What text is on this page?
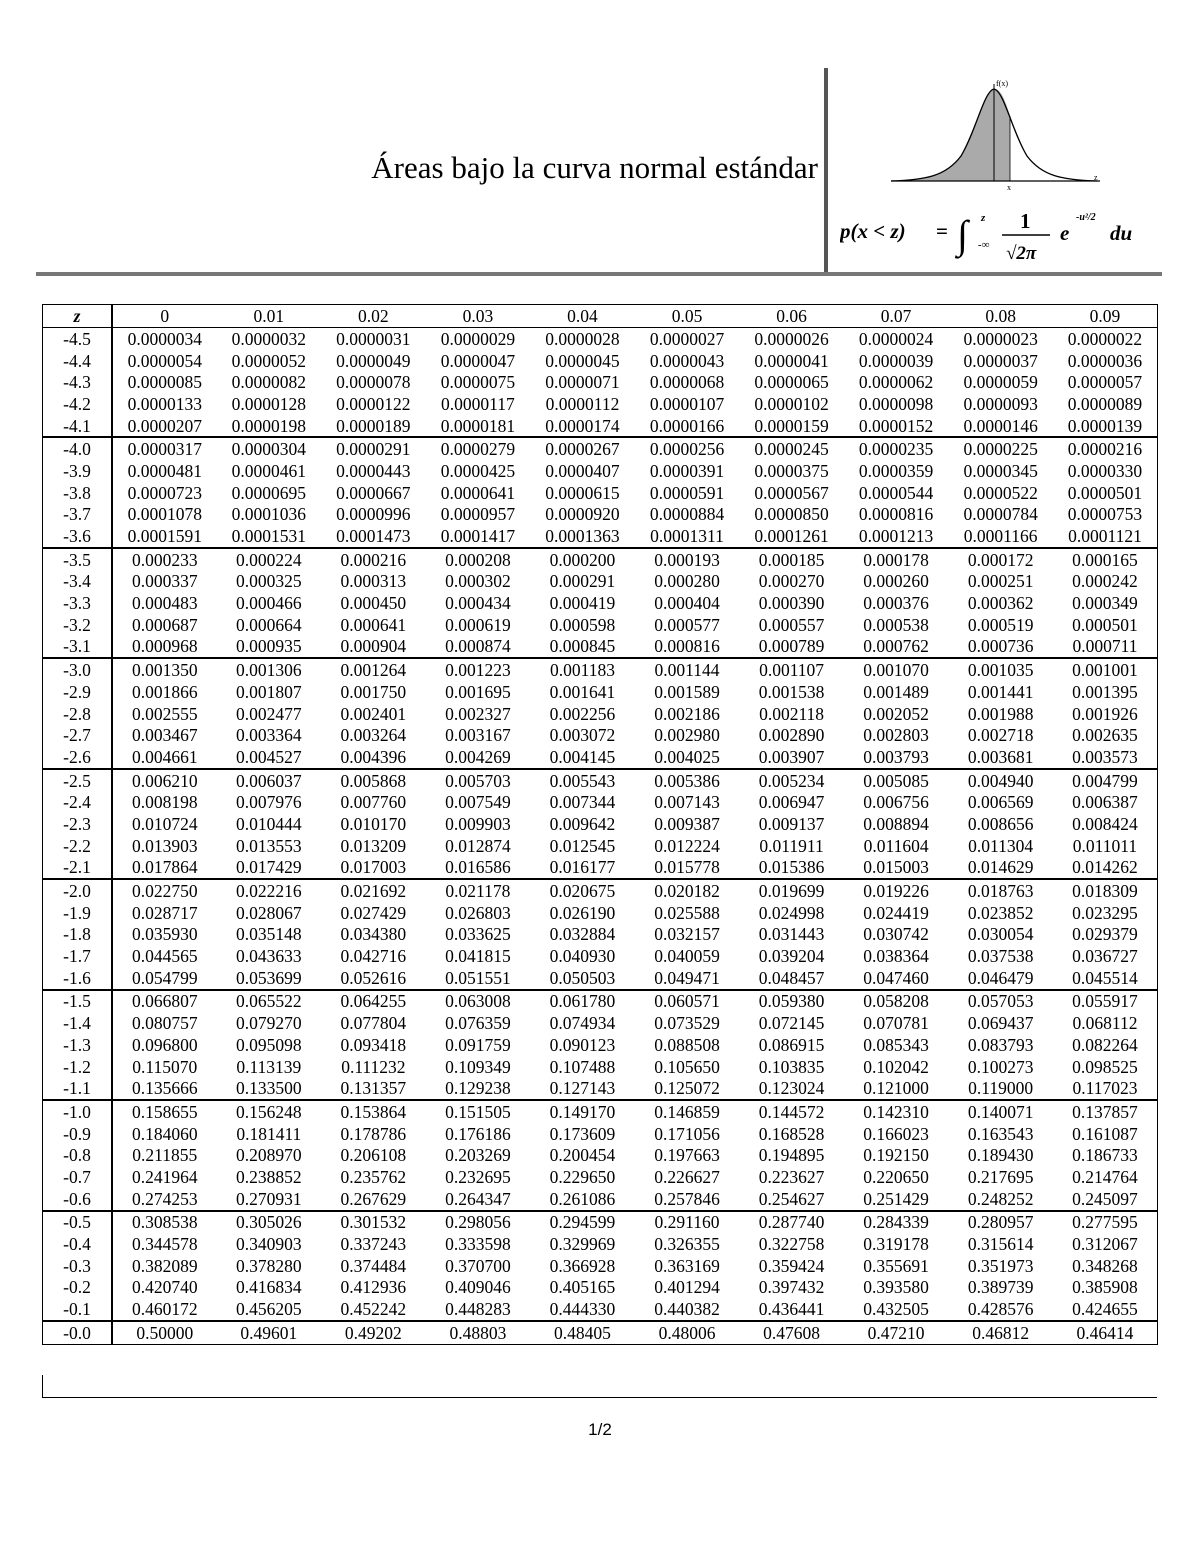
Áreas bajo la curva normal estándar
f(x)
x
z
p(x < z) = ∫ z
-∞
1
√2π
e
-u²/2
du
z	0	0.01	0.02	0.03	0.04	0.05	0.06	0.07	0.08	0.09
-4.5	0.0000034	0.0000032	0.0000031	0.0000029	0.0000028	0.0000027	0.0000026	0.0000024	0.0000023	0.0000022
-4.4	0.0000054	0.0000052	0.0000049	0.0000047	0.0000045	0.0000043	0.0000041	0.0000039	0.0000037	0.0000036
-4.3	0.0000085	0.0000082	0.0000078	0.0000075	0.0000071	0.0000068	0.0000065	0.0000062	0.0000059	0.0000057
-4.2	0.0000133	0.0000128	0.0000122	0.0000117	0.0000112	0.0000107	0.0000102	0.0000098	0.0000093	0.0000089
-4.1	0.0000207	0.0000198	0.0000189	0.0000181	0.0000174	0.0000166	0.0000159	0.0000152	0.0000146	0.0000139
-4.0	0.0000317	0.0000304	0.0000291	0.0000279	0.0000267	0.0000256	0.0000245	0.0000235	0.0000225	0.0000216
-3.9	0.0000481	0.0000461	0.0000443	0.0000425	0.0000407	0.0000391	0.0000375	0.0000359	0.0000345	0.0000330
-3.8	0.0000723	0.0000695	0.0000667	0.0000641	0.0000615	0.0000591	0.0000567	0.0000544	0.0000522	0.0000501
-3.7	0.0001078	0.0001036	0.0000996	0.0000957	0.0000920	0.0000884	0.0000850	0.0000816	0.0000784	0.0000753
-3.6	0.0001591	0.0001531	0.0001473	0.0001417	0.0001363	0.0001311	0.0001261	0.0001213	0.0001166	0.0001121
-3.5	0.000233	0.000224	0.000216	0.000208	0.000200	0.000193	0.000185	0.000178	0.000172	0.000165
-3.4	0.000337	0.000325	0.000313	0.000302	0.000291	0.000280	0.000270	0.000260	0.000251	0.000242
-3.3	0.000483	0.000466	0.000450	0.000434	0.000419	0.000404	0.000390	0.000376	0.000362	0.000349
-3.2	0.000687	0.000664	0.000641	0.000619	0.000598	0.000577	0.000557	0.000538	0.000519	0.000501
-3.1	0.000968	0.000935	0.000904	0.000874	0.000845	0.000816	0.000789	0.000762	0.000736	0.000711
-3.0	0.001350	0.001306	0.001264	0.001223	0.001183	0.001144	0.001107	0.001070	0.001035	0.001001
-2.9	0.001866	0.001807	0.001750	0.001695	0.001641	0.001589	0.001538	0.001489	0.001441	0.001395
-2.8	0.002555	0.002477	0.002401	0.002327	0.002256	0.002186	0.002118	0.002052	0.001988	0.001926
-2.7	0.003467	0.003364	0.003264	0.003167	0.003072	0.002980	0.002890	0.002803	0.002718	0.002635
-2.6	0.004661	0.004527	0.004396	0.004269	0.004145	0.004025	0.003907	0.003793	0.003681	0.003573
-2.5	0.006210	0.006037	0.005868	0.005703	0.005543	0.005386	0.005234	0.005085	0.004940	0.004799
-2.4	0.008198	0.007976	0.007760	0.007549	0.007344	0.007143	0.006947	0.006756	0.006569	0.006387
-2.3	0.010724	0.010444	0.010170	0.009903	0.009642	0.009387	0.009137	0.008894	0.008656	0.008424
-2.2	0.013903	0.013553	0.013209	0.012874	0.012545	0.012224	0.011911	0.011604	0.011304	0.011011
-2.1	0.017864	0.017429	0.017003	0.016586	0.016177	0.015778	0.015386	0.015003	0.014629	0.014262
-2.0	0.022750	0.022216	0.021692	0.021178	0.020675	0.020182	0.019699	0.019226	0.018763	0.018309
-1.9	0.028717	0.028067	0.027429	0.026803	0.026190	0.025588	0.024998	0.024419	0.023852	0.023295
-1.8	0.035930	0.035148	0.034380	0.033625	0.032884	0.032157	0.031443	0.030742	0.030054	0.029379
-1.7	0.044565	0.043633	0.042716	0.041815	0.040930	0.040059	0.039204	0.038364	0.037538	0.036727
-1.6	0.054799	0.053699	0.052616	0.051551	0.050503	0.049471	0.048457	0.047460	0.046479	0.045514
-1.5	0.066807	0.065522	0.064255	0.063008	0.061780	0.060571	0.059380	0.058208	0.057053	0.055917
-1.4	0.080757	0.079270	0.077804	0.076359	0.074934	0.073529	0.072145	0.070781	0.069437	0.068112
-1.3	0.096800	0.095098	0.093418	0.091759	0.090123	0.088508	0.086915	0.085343	0.083793	0.082264
-1.2	0.115070	0.113139	0.111232	0.109349	0.107488	0.105650	0.103835	0.102042	0.100273	0.098525
-1.1	0.135666	0.133500	0.131357	0.129238	0.127143	0.125072	0.123024	0.121000	0.119000	0.117023
-1.0	0.158655	0.156248	0.153864	0.151505	0.149170	0.146859	0.144572	0.142310	0.140071	0.137857
-0.9	0.184060	0.181411	0.178786	0.176186	0.173609	0.171056	0.168528	0.166023	0.163543	0.161087
-0.8	0.211855	0.208970	0.206108	0.203269	0.200454	0.197663	0.194895	0.192150	0.189430	0.186733
-0.7	0.241964	0.238852	0.235762	0.232695	0.229650	0.226627	0.223627	0.220650	0.217695	0.214764
-0.6	0.274253	0.270931	0.267629	0.264347	0.261086	0.257846	0.254627	0.251429	0.248252	0.245097
-0.5	0.308538	0.305026	0.301532	0.298056	0.294599	0.291160	0.287740	0.284339	0.280957	0.277595
-0.4	0.344578	0.340903	0.337243	0.333598	0.329969	0.326355	0.322758	0.319178	0.315614	0.312067
-0.3	0.382089	0.378280	0.374484	0.370700	0.366928	0.363169	0.359424	0.355691	0.351973	0.348268
-0.2	0.420740	0.416834	0.412936	0.409046	0.405165	0.401294	0.397432	0.393580	0.389739	0.385908
-0.1	0.460172	0.456205	0.452242	0.448283	0.444330	0.440382	0.436441	0.432505	0.428576	0.424655
-0.0	0.50000	0.49601	0.49202	0.48803	0.48405	0.48006	0.47608	0.47210	0.46812	0.46414
1/2
